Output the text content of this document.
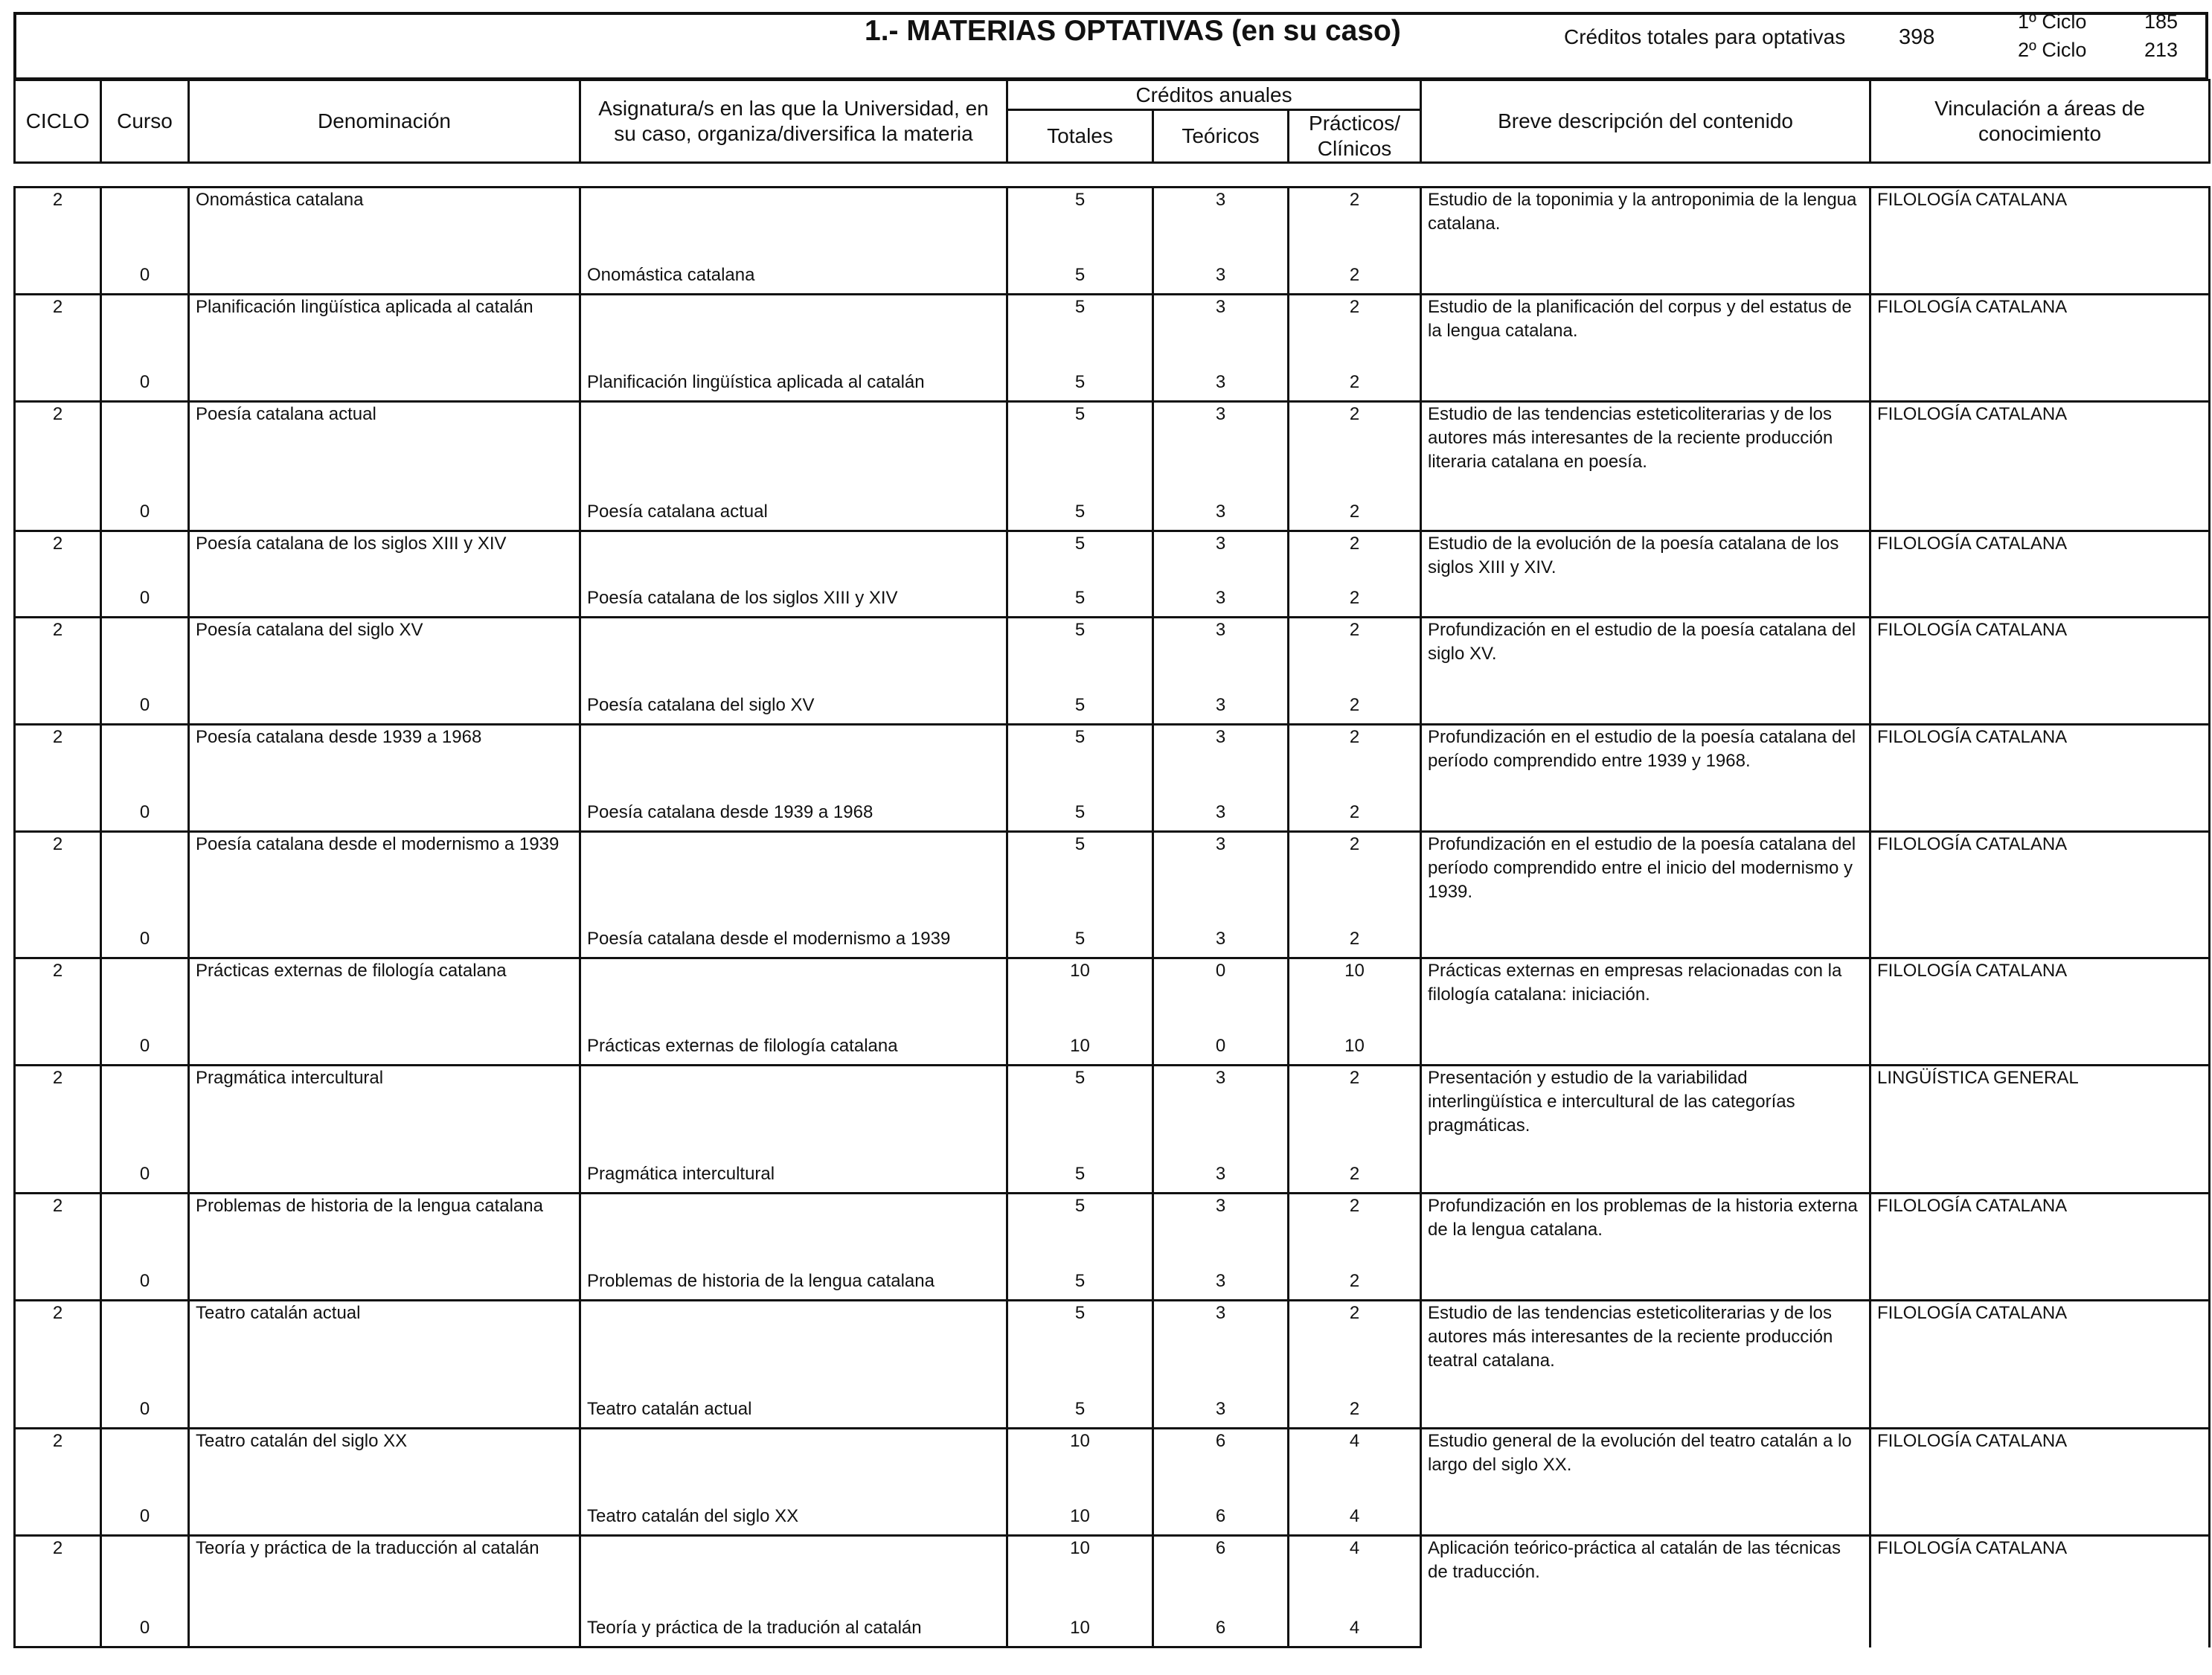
1.- MATERIAS OPTATIVAS (en su caso)	Créditos totales para optativas 398
1º Ciclo	185
2º Ciclo	213
CICLO	Curso	Denominación	Asignatura/s en las que la Universidad, en su caso, organiza/diversifica la materia	Créditos anuales			Breve descripción del contenido	Vinculación a áreas de conocimiento
				Totales	Teóricos	Prácticos/ Clínicos		
2		Onomástica catalana		5	3	2	Estudio de la toponimia y la antroponimia de la lengua catalana.	FILOLOGÍA CATALANA
	0		Onomástica catalana	5	3	2		
2		Planificación lingüística aplicada al catalán		5	3	2	Estudio de la planificación del corpus y del estatus de la lengua catalana.	FILOLOGÍA CATALANA
	0		Planificación lingüística aplicada al catalán	5	3	2		
2		Poesía catalana actual		5	3	2	Estudio de las tendencias esteticoliterarias y de los autores más interesantes de la reciente producción literaria catalana en poesía.	FILOLOGÍA CATALANA
	0		Poesía catalana actual	5	3	2		
2		Poesía catalana de los siglos XIII y XIV		5	3	2	Estudio de la evolución de la poesía catalana de los siglos XIII y XIV.	FILOLOGÍA CATALANA
	0		Poesía catalana de los siglos XIII y XIV	5	3	2		
2		Poesía catalana del siglo XV		5	3	2	Profundización en el estudio de la poesía catalana del siglo XV.	FILOLOGÍA CATALANA
	0		Poesía catalana del siglo XV	5	3	2		
2		Poesía catalana desde 1939 a 1968		5	3	2	Profundización en el estudio de la poesía catalana del período comprendido entre 1939 y 1968.	FILOLOGÍA CATALANA
	0		Poesía catalana desde 1939 a 1968	5	3	2		
2		Poesía catalana desde el modernismo a 1939		5	3	2	Profundización en el estudio de la poesía catalana del período comprendido entre el inicio del modernismo y 1939.	FILOLOGÍA CATALANA
	0		Poesía catalana desde el modernismo a 1939	5	3	2		
2		Prácticas externas de filología catalana		10	0	10	Prácticas externas en empresas relacionadas con la filología catalana: iniciación.	FILOLOGÍA CATALANA
	0		Prácticas externas de filología catalana	10	0	10		
2		Pragmática intercultural		5	3	2	Presentación y estudio de la variabilidad interlingüística e intercultural de las categorías pragmáticas.	LINGÜÍSTICA GENERAL
	0		Pragmática intercultural	5	3	2		
2		Problemas de historia de la lengua catalana		5	3	2	Profundización en los problemas de la historia externa de la lengua catalana.	FILOLOGÍA CATALANA
	0		Problemas de historia de la lengua catalana	5	3	2		
2		Teatro catalán actual		5	3	2	Estudio de las tendencias esteticoliterarias y de los autores más interesantes de la reciente producción teatral catalana.	FILOLOGÍA CATALANA
	0		Teatro catalán actual	5	3	2		
2		Teatro catalán del siglo XX		10	6	4	Estudio general de la evolución del teatro catalán a lo largo del siglo XX.	FILOLOGÍA CATALANA
	0		Teatro catalán del siglo XX	10	6	4		
2		Teoría y práctica de la traducción al catalán		10	6	4	Aplicación teórico-práctica al catalán de las técnicas de traducción.	FILOLOGÍA CATALANA
	0		Teoría y práctica de la tradución al catalán	10	6	4		
